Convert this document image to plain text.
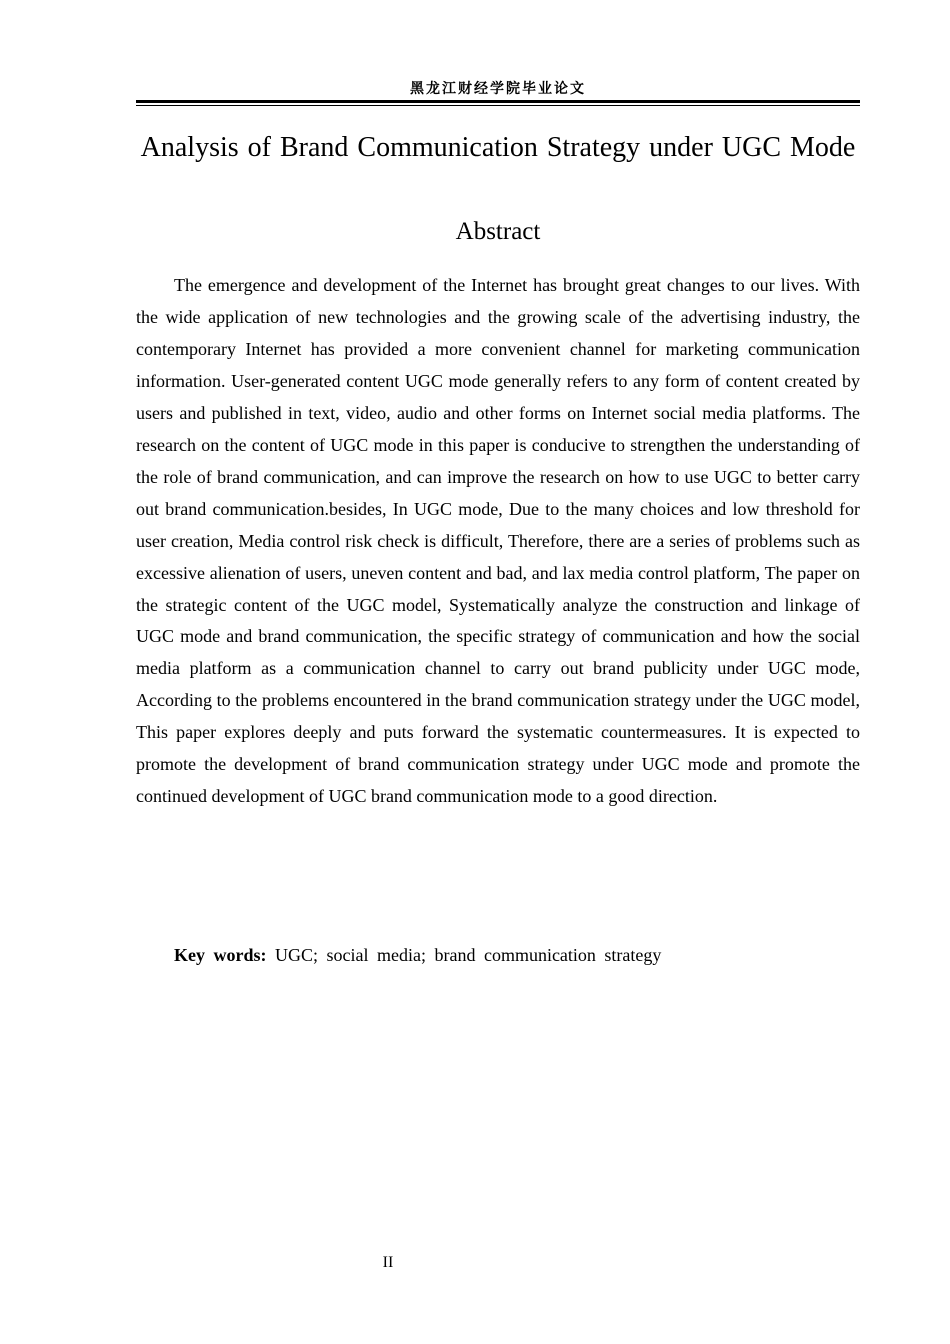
黑龙江财经学院毕业论文
Analysis of Brand Communication Strategy under UGC Mode
Abstract

The emergence and development of the Internet has brought great changes to our lives. With the wide application of new technologies and the growing scale of the advertising industry, the contemporary Internet has provided a more convenient channel for marketing communication information. User-generated content UGC mode generally refers to any form of content created by users and published in text, video, audio and other forms on Internet social media platforms. The research on the content of UGC mode in this paper is conducive to strengthen the understanding of the role of brand communication, and can improve the research on how to use UGC to better carry out brand communication.besides, In UGC mode, Due to the many choices and low threshold for user creation, Media control risk check is difficult, Therefore, there are a series of problems such as excessive alienation of users, uneven content and bad, and lax media control platform, The paper on the strategic content of the UGC model, Systematically analyze the construction and linkage of UGC mode and brand communication, the specific strategy of communication and how the social media platform as a communication channel to carry out brand publicity under UGC mode, According to the problems encountered in the brand communication strategy under the UGC model, This paper explores deeply and puts forward the systematic countermeasures. It is expected to promote the development of brand communication strategy under UGC mode and promote the continued development of UGC brand communication mode to a good direction.

Key words: UGC; social media; brand communication strategy
II
